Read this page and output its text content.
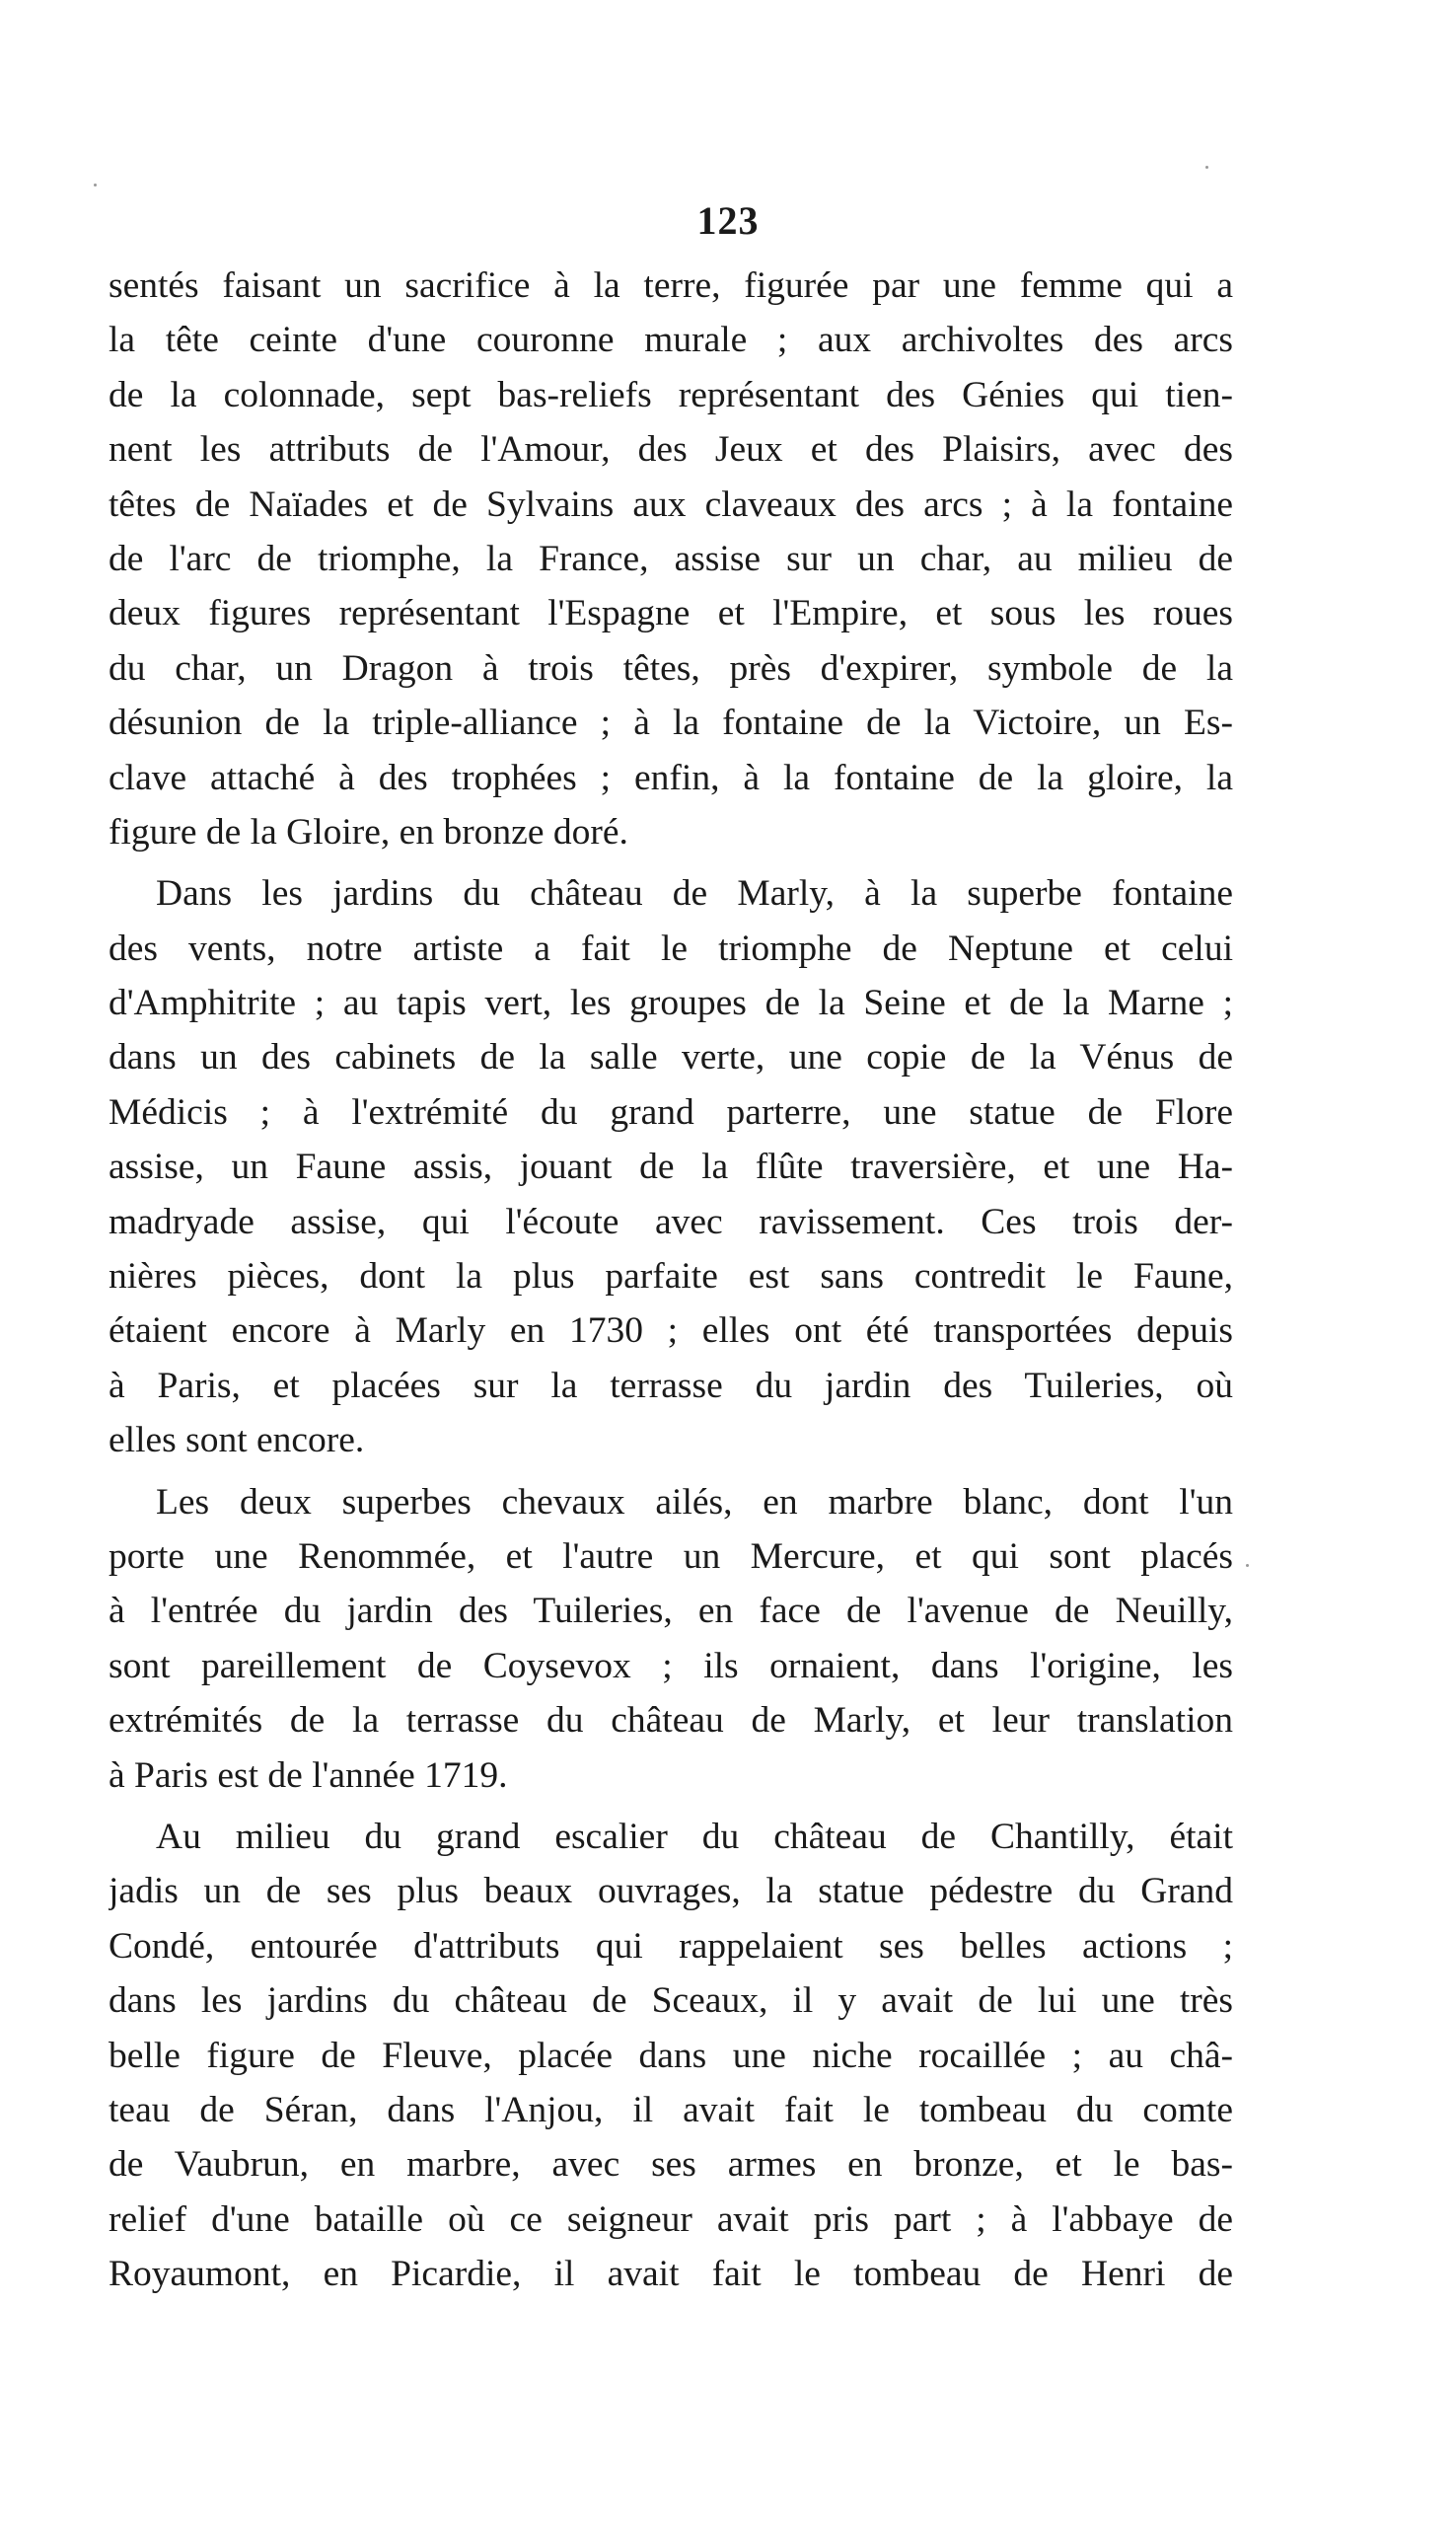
123
sentés faisant un sacrifice à la terre, figurée par une femme qui a
la tête ceinte d'une couronne murale ; aux archivoltes des arcs
de la colonnade, sept bas-reliefs représentant des Génies qui tien-
nent les attributs de l'Amour, des Jeux et des Plaisirs, avec des
têtes de Naïades et de Sylvains aux claveaux des arcs ; à la fontaine
de l'arc de triomphe, la France, assise sur un char, au milieu de
deux figures représentant l'Espagne et l'Empire, et sous les roues
du char, un Dragon à trois têtes, près d'expirer, symbole de la
désunion de la triple-alliance ; à la fontaine de la Victoire, un Es-
clave attaché à des trophées ; enfin, à la fontaine de la gloire, la
figure de la Gloire, en bronze doré.
Dans les jardins du château de Marly, à la superbe fontaine
des vents, notre artiste a fait le triomphe de Neptune et celui
d'Amphitrite ; au tapis vert, les groupes de la Seine et de la Marne ;
dans un des cabinets de la salle verte, une copie de la Vénus de
Médicis ; à l'extrémité du grand parterre, une statue de Flore
assise, un Faune assis, jouant de la flûte traversière, et une Ha-
madryade assise, qui l'écoute avec ravissement. Ces trois der-
nières pièces, dont la plus parfaite est sans contredit le Faune,
étaient encore à Marly en 1730 ; elles ont été transportées depuis
à Paris, et placées sur la terrasse du jardin des Tuileries, où
elles sont encore.
Les deux superbes chevaux ailés, en marbre blanc, dont l'un
porte une Renommée, et l'autre un Mercure, et qui sont placés
à l'entrée du jardin des Tuileries, en face de l'avenue de Neuilly,
sont pareillement de Coysevox ; ils ornaient, dans l'origine, les
extrémités de la terrasse du château de Marly, et leur translation
à Paris est de l'année 1719.
Au milieu du grand escalier du château de Chantilly, était
jadis un de ses plus beaux ouvrages, la statue pédestre du Grand
Condé, entourée d'attributs qui rappelaient ses belles actions ;
dans les jardins du château de Sceaux, il y avait de lui une très
belle figure de Fleuve, placée dans une niche rocaillée ; au châ-
teau de Séran, dans l'Anjou, il avait fait le tombeau du comte
de Vaubrun, en marbre, avec ses armes en bronze, et le bas-
relief d'une bataille où ce seigneur avait pris part ; à l'abbaye de
Royaumont, en Picardie, il avait fait le tombeau de Henri de
